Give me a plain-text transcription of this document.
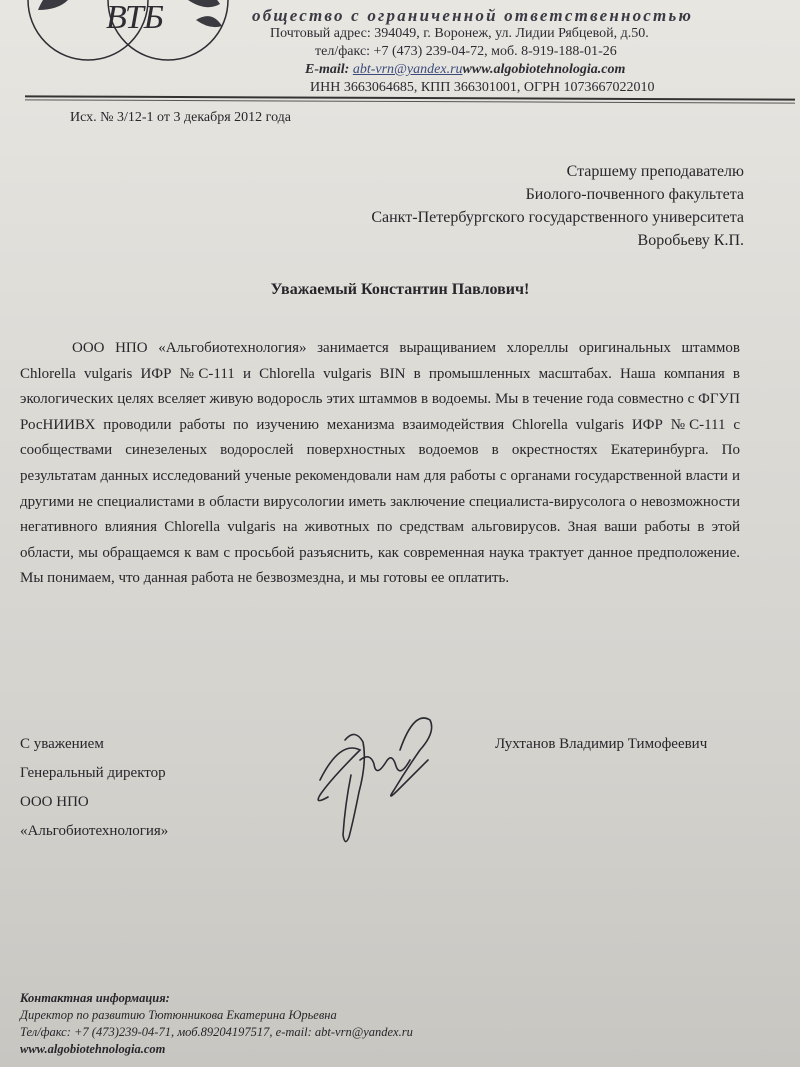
ВТБ	общество с ограниченной ответственностью
Почтовый адрес: 394049, г. Воронеж, ул. Лидии Рябцевой, д.50.
тел/факс: +7 (473) 239-04-72, моб. 8-919-188-01-26
E-mail: abt-vrn@yandex.ruwww.algobiotehnologia.com
ИНН 3663064685, КПП 366301001, ОГРН 1073667022010
Исх. № 3/12-1 от 3 декабря 2012 года
Старшему преподавателю
Биолого-почвенного факультета
Санкт-Петербургского государственного университета
Воробьеву К.П.
Уважаемый Константин Павлович!
ООО НПО «Альгобиотехнология» занимается выращиванием хлореллы оригинальных штаммов Chlorella vulgaris ИФР №С-111 и Chlorella vulgaris BIN в промышленных масштабах. Наша компания в экологических целях вселяет живую водоросль этих штаммов в водоемы. Мы в течение года совместно с ФГУП РосНИИВХ проводили работы по изучению механизма взаимодействия Chlorella vulgaris ИФР №С-111 с сообществами синезеленых водорослей поверхностных водоемов в окрестностях Екатеринбурга. По результатам данных исследований ученые рекомендовали нам для работы с органами государственной власти и другими не специалистами в области вирусологии иметь заключение специалиста-вирусолога о невозможности негативного влияния Chlorella vulgaris на животных по средствам альговирусов. Зная ваши работы в этой области, мы обращаемся к вам с просьбой разъяснить, как современная наука трактует данное предположение. Мы понимаем, что данная работа не безвозмездна, и мы готовы ее оплатить.
С уважением
Генеральный директор
ООО НПО
«Альгобиотехнология»
Лухтанов Владимир Тимофеевич
Контактная информация:
Директор по развитию Тютюнникова Екатерина Юрьевна
Тел/факс: +7 (473)239-04-71, моб.89204197517, e-mail: abt-vrn@yandex.ru
www.algobiotehnologia.com
